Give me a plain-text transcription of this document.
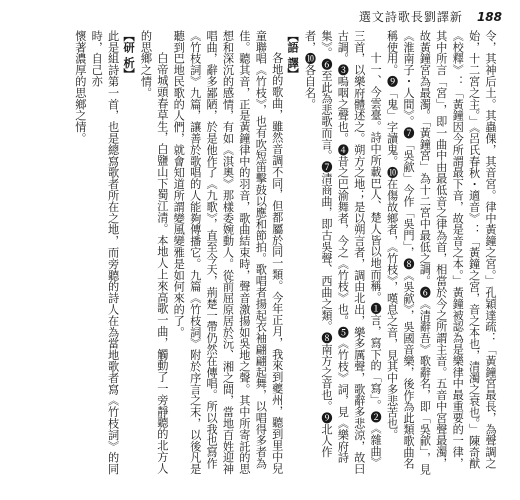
選文詩歌長劉譯新 188

令，其神后土。其蟲倮，其音宮。律中黃鐘之宮。」孔穎達疏：「黃鐘宮最長，為聲調之始，十二宮之主。」《呂氏春秋・適音》：「黃鐘之宮，音之本也，清濁之衰也。」陳奇猷《校釋》：「黃鐘因今所謂最下音，故是音之本。」黃鐘被認為是樂律中最重要的一律，其中所言「宮」，即一曲中由最低音之律為首，相當於今之所謂主音。五音中宮聲最濁，故黃鐘宮為最濁。「黃鐘宮」為十二宮中最低之調。❻《清辭吾》歌辭名，即「吳歈」，見《淮南子・人間》。❼「吳歈」今作「吳門」，❽《吳歈》，吳國音樂，後作為此類歌曲名稱使用。❾「鬼」字讀鬼。❿在傷故鄉者，《竹枝》，嘆息之音，見其中多悲苦也。

十一、今雲臺。詩中所載巴人、楚人皆以地而稱。❶言，寫下的「寫」。❷《雜曲》三首，以樂府體述之。朔方之地；是以朔言者，調由北出，樂多厲聲，歌辭多悲涼，故曰古調。❸嗚咽之聲也。❹昔之巴渝舞者，今之《竹枝》也。❺《竹枝》詞，見《樂府詩集》。❻至此為悲歌而言。❼清商曲，即古吳聲、西曲之類。❽南方之音也。❾北人作者，❿各自名。

【語 譯】

各地的歌曲，雖然音調不同，但都屬於同一類。今年正月，我來到夔州，聽到里中兒童聯唱《竹枝》，也有吹短笛擊鼓以應和節拍。歌唱者揚起衣袖翩翩起舞，以唱得多者為佳。聽其音，正是黃鐘律中的羽音，歌曲結束時，聲音激揚如吳地之聲。其中所寄託的思想和深沉的感情，有如《淇奧》那樣委婉動人。從前屈原居於沅、湘之間，當地百姓迎神唱曲，辭多鄙陋，於是他作了《九歌》，直至今天，荊楚一帶仍然在傳唱。所以我也寫作《竹枝詞》九篇，讓善於歌唱的人能夠傳播它。九篇《竹枝詞》附於序言之末，以後凡是聽到巴地民歌的人們，就會知道所謂變風變雅是如何來的了。

白帝城頭春草生，白鹽山下蜀江清。本地人上來高歌一曲，觸動了一旁靜聽的北方人的思鄉之情。

【研 析】
此是組詩第一首，也是總寫歌者所在之地，而旁聽的詩人在為當地歌者寫《竹枝詞》的同時，自己亦
懷著濃厚的思鄉之情。
